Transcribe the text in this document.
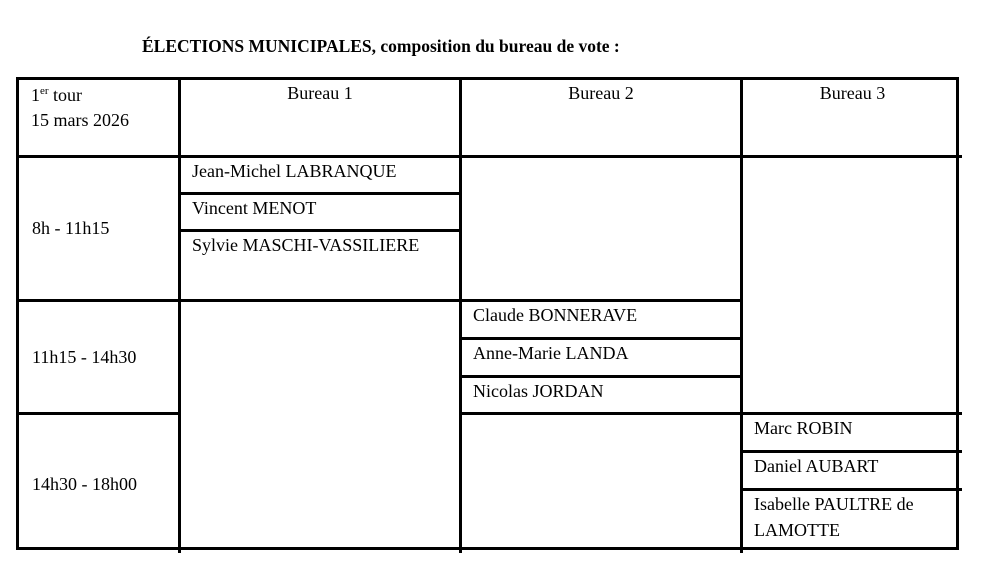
ÉLECTIONS MUNICIPALES, composition du bureau de vote :
1er tour
15 mars 2026
Bureau 1	Bureau 2	Bureau 3
8h - 11h15
11h15 - 14h30
14h30 - 18h00
Jean-Michel LABRANQUE
Vincent MENOT
Sylvie MASCHI-VASSILIERE
Claude BONNERAVE
Anne-Marie LANDA
Nicolas JORDAN
Marc ROBIN
Daniel AUBART
Isabelle PAULTRE de LAMOTTE
